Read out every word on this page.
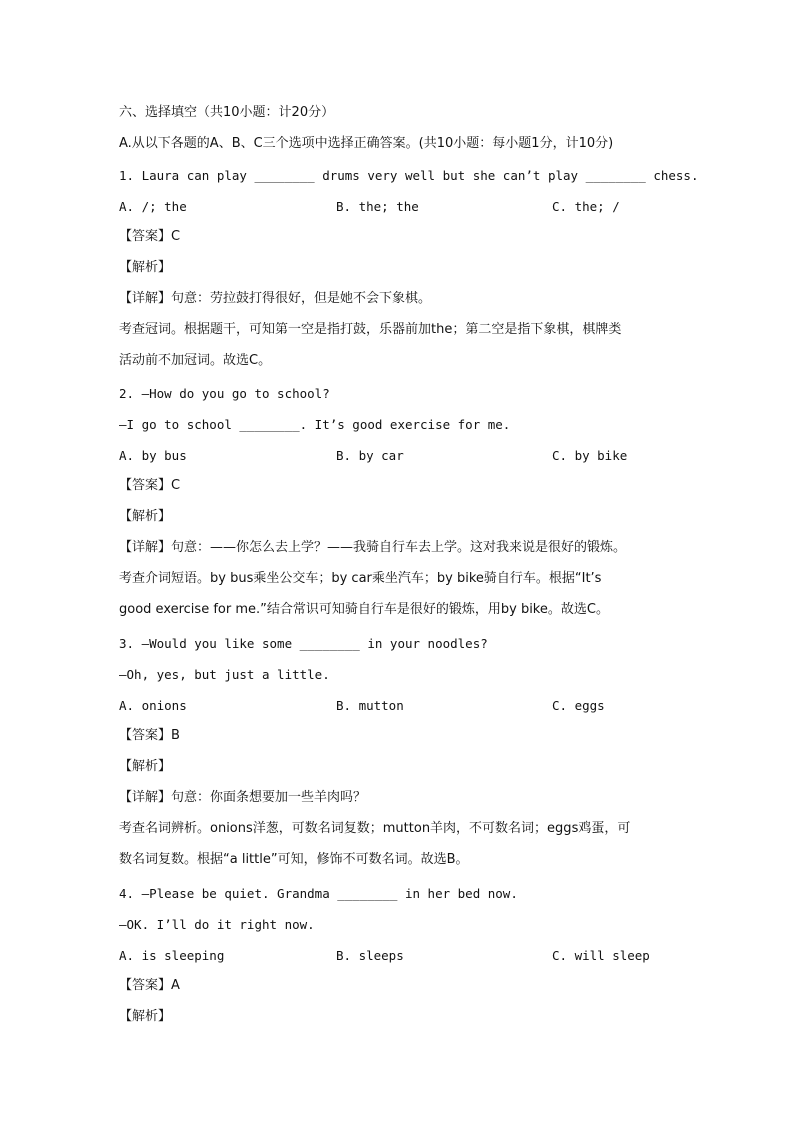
六、选择填空（共10小题：计20分）
A.从以下各题的A、B、C三个选项中选择正确答案。(共10小题：每小题1分，计10分)
1. Laura can play ________ drums very well but she can’t play ________ chess.
A. /; the	B. the; the	C. the; /
【答案】C
【解析】
【详解】句意：劳拉鼓打得很好，但是她不会下象棋。
考查冠词。根据题干，可知第一空是指打鼓，乐器前加the；第二空是指下象棋，棋牌类
活动前不加冠词。故选C。
2. —How do you go to school?
—I go to school ________. It’s good exercise for me.
A. by bus	B. by car	C. by bike
【答案】C
【解析】
【详解】句意：——你怎么去上学？——我骑自行车去上学。这对我来说是很好的锻炼。
考查介词短语。by bus乘坐公交车；by car乘坐汽车；by bike骑自行车。根据“It’s
good exercise for me.”结合常识可知骑自行车是很好的锻炼，用by bike。故选C。
3. —Would you like some ________ in your noodles?
—Oh, yes, but just a little.
A. onions	B. mutton	C. eggs
【答案】B
【解析】
【详解】句意：你面条想要加一些羊肉吗？
考查名词辨析。onions洋葱，可数名词复数；mutton羊肉，不可数名词；eggs鸡蛋，可
数名词复数。根据“a little”可知，修饰不可数名词。故选B。
4. —Please be quiet. Grandma ________ in her bed now.
—OK. I’ll do it right now.
A. is sleeping	B. sleeps	C. will sleep
【答案】A
【解析】
